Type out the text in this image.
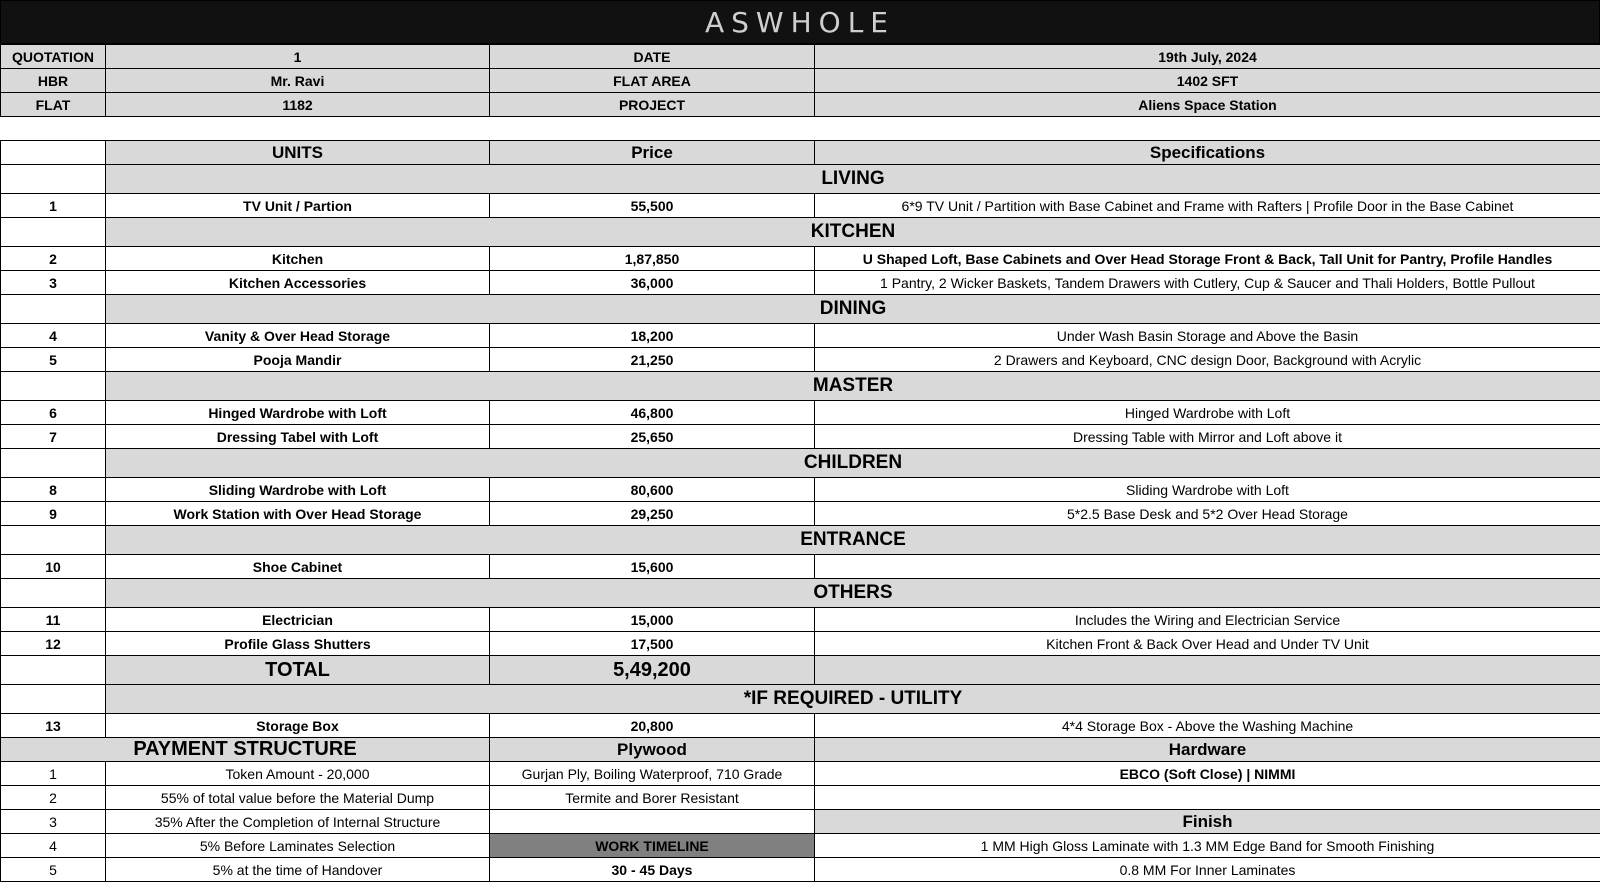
ASWHOLE
QUOTATION	1	DATE	19th July, 2024
HBR	Mr. Ravi	FLAT AREA	1402 SFT
FLAT	1182	PROJECT	Aliens Space Station

	UNITS	Price	Specifications
	LIVING		
1	TV Unit / Partion	55,500	6*9 TV Unit / Partition with Base Cabinet and Frame with Rafters | Profile Door in the Base Cabinet
	KITCHEN		
2	Kitchen	1,87,850	U Shaped Loft, Base Cabinets and Over Head Storage Front & Back, Tall Unit for Pantry, Profile Handles
3	Kitchen Accessories	36,000	1 Pantry, 2 Wicker Baskets, Tandem Drawers with Cutlery, Cup & Saucer and Thali Holders, Bottle Pullout
	DINING		
4	Vanity & Over Head Storage	18,200	Under Wash Basin Storage and Above the Basin
5	Pooja Mandir	21,250	2 Drawers and Keyboard, CNC design Door, Background with Acrylic
	MASTER		
6	Hinged Wardrobe with Loft	46,800	Hinged Wardrobe with Loft
7	Dressing Tabel with Loft	25,650	Dressing Table with Mirror and Loft above it
	CHILDREN		
8	Sliding Wardrobe with Loft	80,600	Sliding Wardrobe with Loft
9	Work Station with Over Head Storage	29,250	5*2.5 Base Desk and 5*2 Over Head Storage
	ENTRANCE		
10	Shoe Cabinet	15,600	
	OTHERS		
11	Electrician	15,000	Includes the Wiring and Electrician Service
12	Profile Glass Shutters	17,500	Kitchen Front & Back Over Head and Under TV Unit
	TOTAL	5,49,200	
	*IF REQUIRED - UTILITY		
13	Storage Box	20,800	4*4 Storage Box - Above the Washing Machine
PAYMENT STRUCTURE		Plywood	Hardware
1	Token Amount - 20,000	Gurjan Ply, Boiling Waterproof, 710 Grade	EBCO (Soft Close) | NIMMI
2	55% of total value before the Material Dump	Termite and Borer Resistant	
3	35% After the Completion of Internal Structure		Finish
4	5% Before Laminates Selection	WORK TIMELINE	1 MM High Gloss Laminate with 1.3 MM Edge Band for Smooth Finishing
5	5% at the time of Handover	30 - 45 Days	0.8 MM For Inner Laminates
